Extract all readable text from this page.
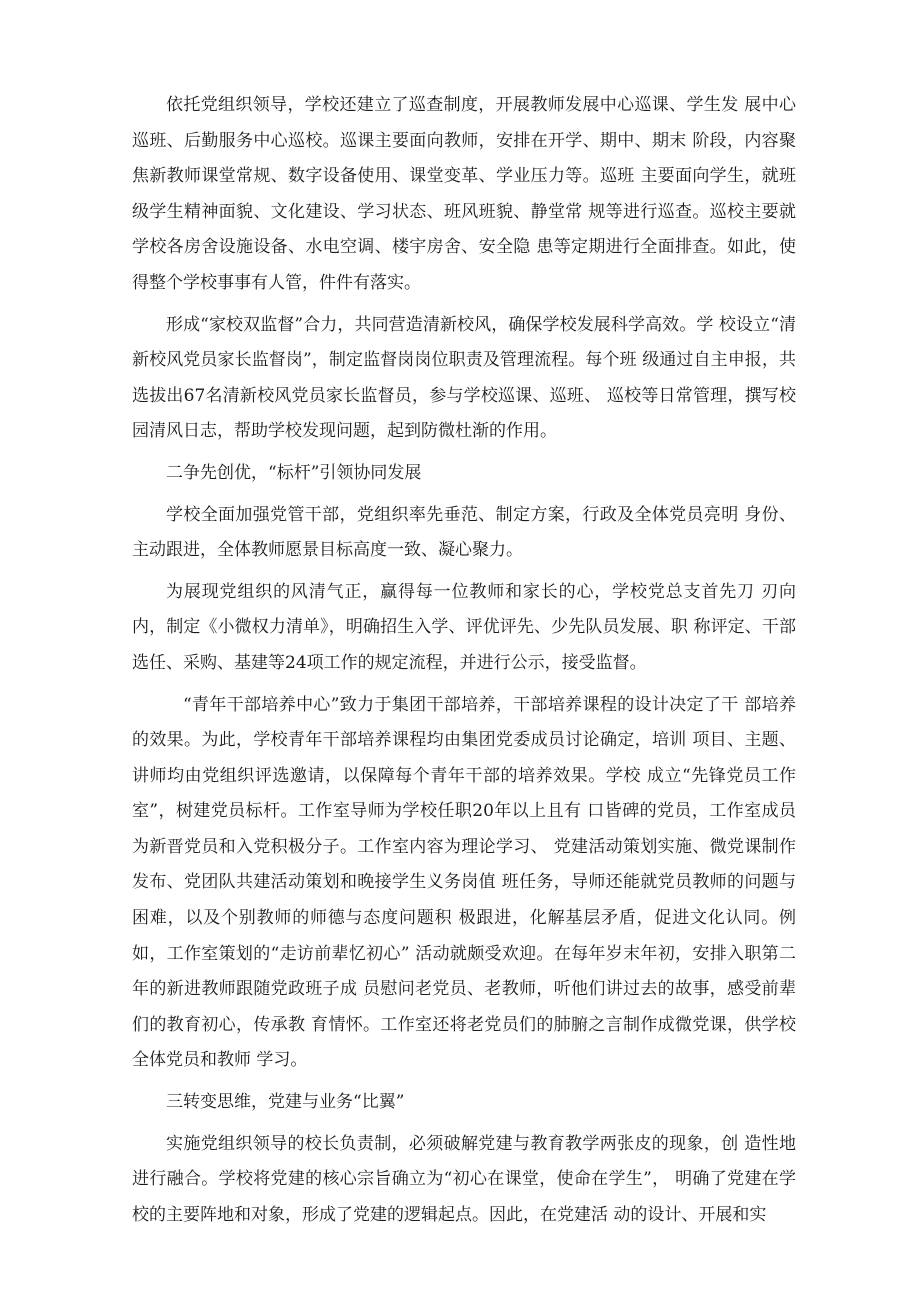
依托党组织领导，学校还建立了巡查制度，开展教师发展中心巡课、学生发 展中心巡班、后勤服务中心巡校。巡课主要面向教师，安排在开学、期中、期末 阶段，内容聚焦新教师课堂常规、数字设备使用、课堂变革、学业压力等。巡班 主要面向学生，就班级学生精神面貌、文化建设、学习状态、班风班貌、静堂常 规等进行巡查。巡校主要就学校各房舍设施设备、水电空调、楼宇房舍、安全隐 患等定期进行全面排查。如此，使得整个学校事事有人管，件件有落实。

形成“家校双监督”合力，共同营造清新校风，确保学校发展科学高效。学 校设立“清新校风党员家长监督岗”，制定监督岗岗位职责及管理流程。每个班 级通过自主申报，共选拔出67名清新校风党员家长监督员，参与学校巡课、巡班、 巡校等日常管理，撰写校园清风日志，帮助学校发现问题，起到防微杜渐的作用。

二争先创优，“标杆”引领协同发展

学校全面加强党管干部，党组织率先垂范、制定方案，行政及全体党员亮明 身份、主动跟进，全体教师愿景目标高度一致、凝心聚力。

为展现党组织的风清气正，赢得每一位教师和家长的心，学校党总支首先刀 刃向内，制定《小微权力清单》，明确招生入学、评优评先、少先队员发展、职 称评定、干部选任、采购、基建等24项工作的规定流程，并进行公示，接受监督。

“青年干部培养中心”致力于集团干部培养，干部培养课程的设计决定了干 部培养的效果。为此，学校青年干部培养课程均由集团党委成员讨论确定，培训 项目、主题、讲师均由党组织评选邀请，以保障每个青年干部的培养效果。学校 成立“先锋党员工作室”，树建党员标杆。工作室导师为学校任职20年以上且有 口皆碑的党员，工作室成员为新晋党员和入党积极分子。工作室内容为理论学习、 党建活动策划实施、微党课制作发布、党团队共建活动策划和晚接学生义务岗值 班任务，导师还能就党员教师的问题与困难，以及个别教师的师德与态度问题积 极跟进，化解基层矛盾，促进文化认同。例如，工作室策划的“走访前辈忆初心” 活动就颇受欢迎。在每年岁末年初，安排入职第二年的新进教师跟随党政班子成 员慰问老党员、老教师，听他们讲过去的故事，感受前辈们的教育初心，传承教 育情怀。工作室还将老党员们的肺腑之言制作成微党课，供学校全体党员和教师 学习。

三转变思维，党建与业务“比翼”

实施党组织领导的校长负责制，必须破解党建与教育教学两张皮的现象，创 造性地进行融合。学校将党建的核心宗旨确立为“初心在课堂，使命在学生”， 明确了党建在学校的主要阵地和对象，形成了党建的逻辑起点。因此，在党建活 动的设计、开展和实
